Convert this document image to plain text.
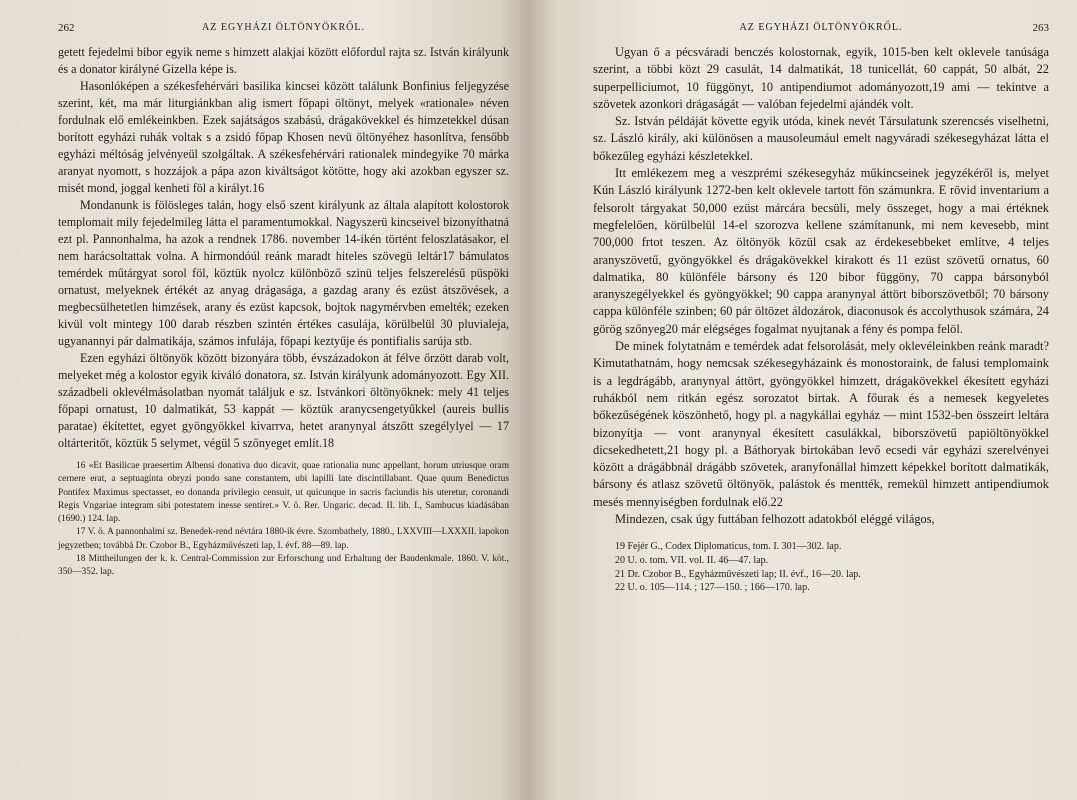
262	AZ EGYHÁZI ÖLTÖNYÖKRŐL.

getett fejedelmi bibor egyik neme s himzett alakjai között előfordul rajta sz. István királyunk és a donator királyné Gizella képe is.

Hasonlóképen a székesfehérvári basilika kincsei között találunk Bonfinius feljegyzése szerint, két, ma már liturgiánkban alig ismert főpapi öltönyt, melyek «rationale» néven fordulnak elő emlékeinkben. Ezek sajátságos szabású, drágakövekkel és himzetekkel dúsan borított egyházi ruhák voltak s a zsidó főpap Khosen nevü öltönyéhez hasonlítva, fensőbb egyházi méltóság jelvényeül szolgáltak. A székesfehérvári rationalek mindegyike 70 márka aranyat nyomott, s hozzájok a pápa azon kiváltságot kötötte, hogy aki azokban egyszer sz. misét mond, joggal kenheti föl a királyt.16

Mondanunk is fölösleges talán, hogy első szent királyunk az általa alapított kolostorok templomait mily fejedelmileg látta el paramentumokkal. Nagyszerü kincseivel bizonyíthatná ezt pl. Pannonhalma, ha azok a rendnek 1786. november 14-ikén történt feloszlatásakor, el nem harácsoltattak volna. A hirmondóúl reánk maradt hiteles szövegü leltár17 bámulatos temérdek műtárgyat sorol föl, köztük nyolcz különböző szinü teljes felszerelésű püspöki ornatust, melyeknek értékét az anyag drágasága, a gazdag arany és ezüst átszövések, a megbecsülhetetlen himzések, arany és ezüst kapcsok, bojtok nagymérvben emelték; ezeken kivül volt mintegy 100 darab részben szintén értékes casulája, körülbelül 30 pluvialeja, ugyanannyi pár dalmatikája, számos infulája, főpapi keztyűje és pontifialis sarúja stb.

Ezen egyházi öltönyök között bizonyára több, évszázadokon át félve őrzött darab volt, melyeket még a kolostor egyik kiváló donatora, sz. István királyunk adományozott. Egy XII. századbeli oklevélmásolatban nyomát találjuk e sz. Istvánkori öltönyöknek: mely 41 teljes főpapi ornatust, 10 dalmatikát, 53 kappát — köztük aranycsengetyűkkel (aureis bullis paratae) ékítettet, egyet gyöngyökkel kivarrva, hetet aranynyal átszőtt szegélylyel — 17 oltárteritőt, köztük 5 selymet, végül 5 szőnyeget említ.18

16 «Et Basilicae praesertim Albensi donativa duo dicavit, quae rationalia nunc appellant, horum utriusque oram cernere erat, a septuaginta obryzi pondo sane constantem, ubi lapilli late discintillabant. Quae quum Benedictus Pontifex Maximus spectasset, eo donanda privilegio censuit, ut quicunque in sacris faciundis his uteretur, coronandi Regis Vngariae integram sibi potestatem inesse sentiret.» V. ö. Rer. Ungaric. decad. II. lib. I., Sambucus kiadásában (1690.) 124. lap.

17 V. ö. A pannonhalmi sz. Benedek-rend névtára 1880-ik évre. Szombathely, 1880., LXXVIII—LXXXII. lapokon jegyzetben; továbbá Dr. Czobor B., Egyházművészeti lap, I. évf. 88—89. lap.

18 Mittheilungen der k. k. Central-Commission zur Erforschung und Erhaltung der Baudenkmale. 1860. V. köt., 350—352. lap.

AZ EGYHÁZI ÖLTÖNYÖKRŐL.	263

Ugyan ő a pécsváradi benczés kolostornak, egyik, 1015-ben kelt oklevele tanúsága szerint, a többi közt 29 casulát, 14 dalmatikát, 18 tunicellát, 60 cappát, 50 albát, 22 superpelliciumot, 10 függönyt, 10 antipendiumot adományozott,19 ami — tekintve a szövetek azonkori drágaságát — valóban fejedelmi ajándék volt.

Sz. István példáját követte egyik utóda, kinek nevét Társulatunk szerencsés viselhetni, sz. László király, aki különösen a mausoleumául emelt nagyváradi székesegyházat látta el bőkezűleg egyházi készletekkel.

Itt emlékezem meg a veszprémi székesegyház műkincseinek jegyzékéről is, melyet Kún László királyunk 1272-ben kelt oklevele tartott fön számunkra. E rövid inventarium a felsorolt tárgyakat 50,000 ezüst márcára becsüli, mely összeget, hogy a mai értéknek megfelelően, körülbelül 14-el szorozva kellene számítanunk, mi nem kevesebb, mint 700,000 frtot teszen. Az öltönyök közül csak az érdekesebbeket említve, 4 teljes aranyszövetű, gyöngyökkel és drágakövekkel kirakott és 11 ezüst szövetű ornatus, 60 dalmatika, 80 különféle bársony és 120 bibor függöny, 70 cappa bársonyból aranyszegélyekkel és gyöngyökkel; 90 cappa aranynyal áttört biborszövetből; 70 bársony cappa különféle szinben; 60 pár öltözet áldozárok, diaconusok és accolythusok számára, 24 görög szőnyeg20 már elégséges fogalmat nyujtanak a fény és pompa felöl.

De minek folytatnám e temérdek adat felsorolását, mely oklevéleinkben reánk maradt? Kimutathatnám, hogy nemcsak székesegyházaink és monostoraink, de falusi templomaink is a legdrágább, aranynyal áttört, gyöngyökkel himzett, drágakövekkel ékesített egyházi ruhákból nem ritkán egész sorozatot birtak. A főurak és a nemesek kegyeletes bőkezűségének köszönhető, hogy pl. a nagykállai egyház — mint 1532-ben összeirt leltára bizonyítja — vont aranynyal ékesített casulákkal, biborszövetű papiöltönyökkel dicsekedhetett,21 hogy pl. a Báthoryak birtokában levő ecsedi vár egyházi szerelvényei között a drágábbnál drágább szövetek, aranyfonállal himzett képekkel borított dalmatikák, bársony és atlasz szövetű öltönyök, palástok és mentték, remekül himzett antipendiumok mesés mennyiségben fordulnak elő.22

Mindezen, csak úgy futtában felhozott adatokból eléggé világos,

19 Fejér G., Codex Diplomaticus, tom. I. 301—302. lap.

20 U. o. tom. VII. vol. II. 46—47. lap.

21 Dr. Czobor B., Egyházművészeti lap; II. évf., 16—20. lap.

22 U. o. 105—114. ; 127—150. ; 166—170. lap.
